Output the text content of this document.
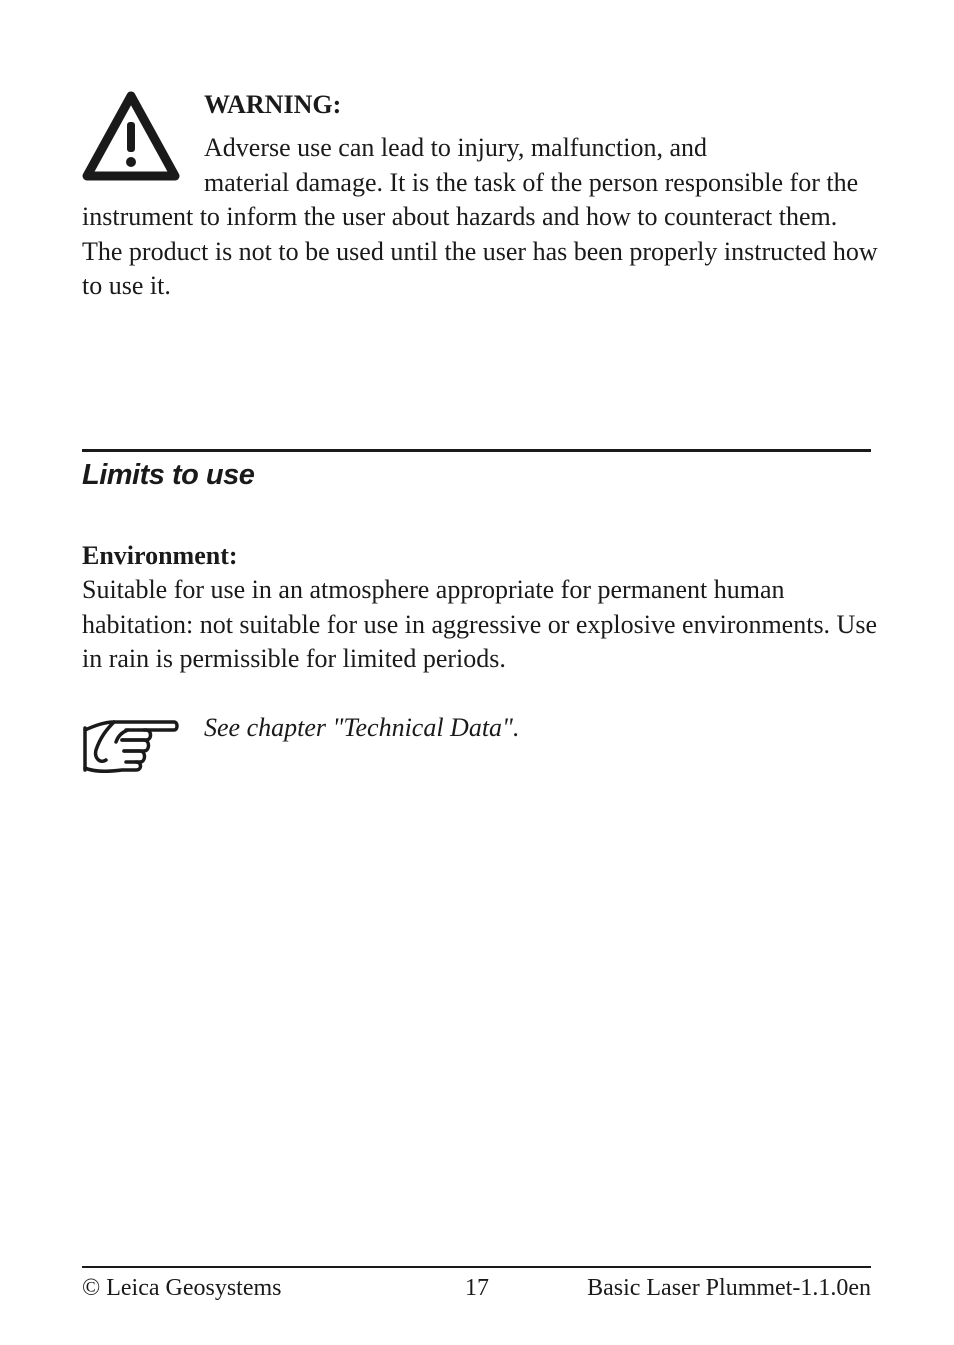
WARNING:

Adverse use can lead to injury, malfunction, and
material damage. It is the task of the person responsible for the instrument to inform the user about hazards and how to counteract them. The product is not to be used until the user has been properly instructed how to use it.

Limits to use

Environment:

Suitable for use in an atmosphere appropriate for permanent human habitation: not suitable for use in aggressive or explosive environments. Use in rain is permissible for limited periods.

See chapter "Technical Data".

© Leica Geosystems	17	Basic Laser Plummet-1.1.0en
